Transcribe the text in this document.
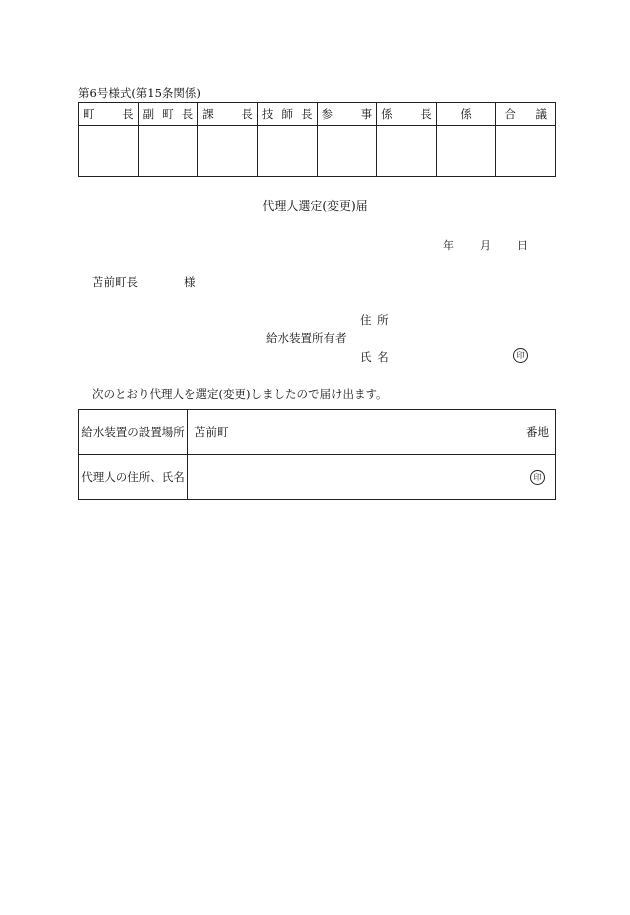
第6号様式(第15条関係)
町 長	副 町 長	課 長	技 師 長	参 事	係 長	係	合 議

代理人選定(変更)届
年 月 日
苫前町長	様
住 所
給水装置所有者
氏 名	印
次のとおり代理人を選定(変更)しましたので届け出ます。
給水装置の設置場所	苫前町 番地

代理人の住所、氏名	印
